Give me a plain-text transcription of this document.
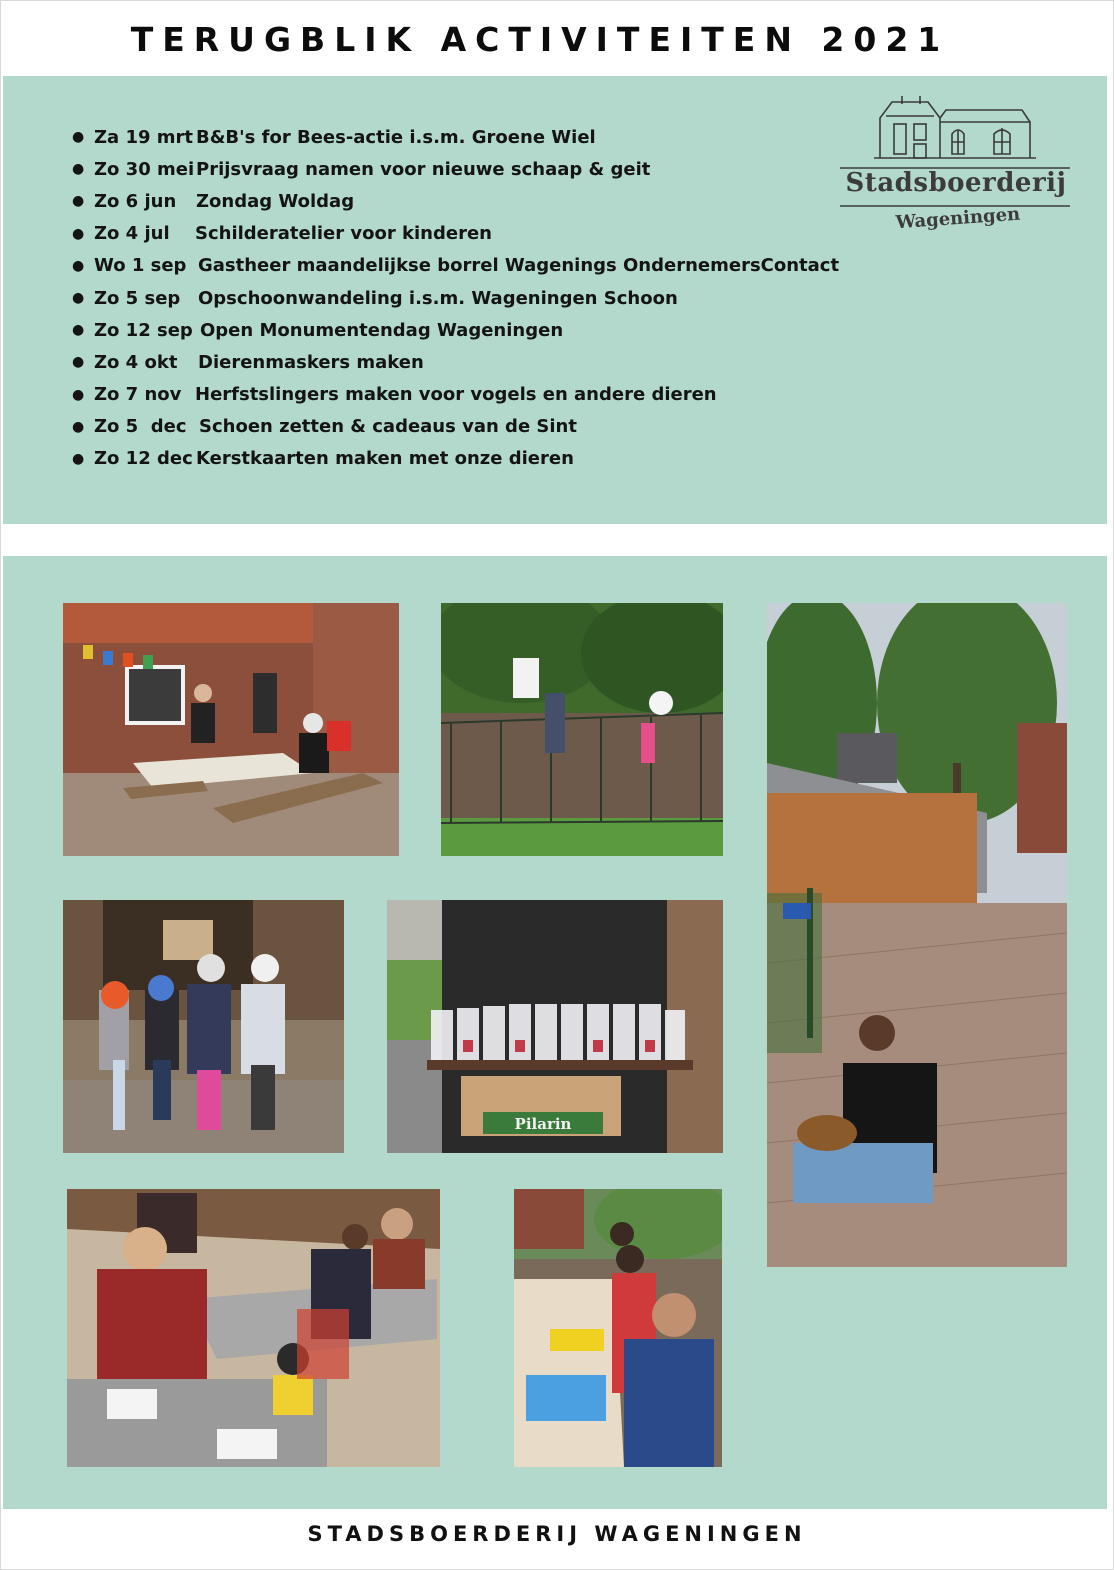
TERUGBLIK ACTIVITEITEN 2021
● Za 19 mrt B&B's for Bees-actie i.s.m. Groene Wiel
● Zo 30 mei Prijsvraag namen voor nieuwe schaap & geit
● Zo 6 jun	Zondag Woldag
● Zo 4 jul	Schilderatelier voor kinderen
● Wo 1 sep Gastheer maandelijkse borrel Wagenings OndernemersContact
● Zo 5 sep Opschoonwandeling i.s.m. Wageningen Schoon
● Zo 12 sep Open Monumentendag Wageningen
● Zo 4 okt	Dierenmaskers maken
● Zo 7 nov Herfstslingers maken voor vogels en andere dieren
● Zo 5  dec Schoen zetten & cadeaus van de Sint
● Zo 12 dec Kerstkaarten maken met onze dieren
Stadsboerderij
Wageningen
Pilarin
STADSBOERDERIJ WAGENINGEN
